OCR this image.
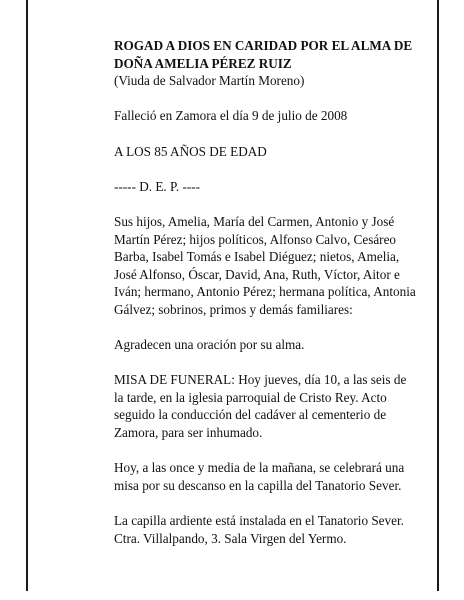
ROGAD A DIOS EN CARIDAD POR EL ALMA DE

DOÑA AMELIA PÉREZ RUIZ

(Viuda de Salvador Martín Moreno)

Falleció en Zamora el día 9 de julio de 2008

A LOS 85 AÑOS DE EDAD

----- D. E. P. ----

Sus hijos, Amelia, María del Carmen, Antonio y José Martín Pérez; hijos políticos, Alfonso Calvo, Cesáreo Barba, Isabel Tomás e Isabel Diéguez; nietos, Amelia, José Alfonso, Óscar, David, Ana, Ruth, Víctor, Aitor e Iván; hermano, Antonio Pérez; hermana política, Antonia Gálvez; sobrinos, primos y demás familiares:

Agradecen una oración por su alma.

MISA DE FUNERAL: Hoy jueves, día 10, a las seis de la tarde, en la iglesia parroquial de Cristo Rey. Acto seguido la conducción del cadáver al cementerio de Zamora, para ser inhumado.

Hoy, a las once y media de la mañana, se celebrará una misa por su descanso en la capilla del Tanatorio Sever.

La capilla ardiente está instalada en el Tanatorio Sever.

Ctra. Villalpando, 3. Sala Virgen del Yermo.
